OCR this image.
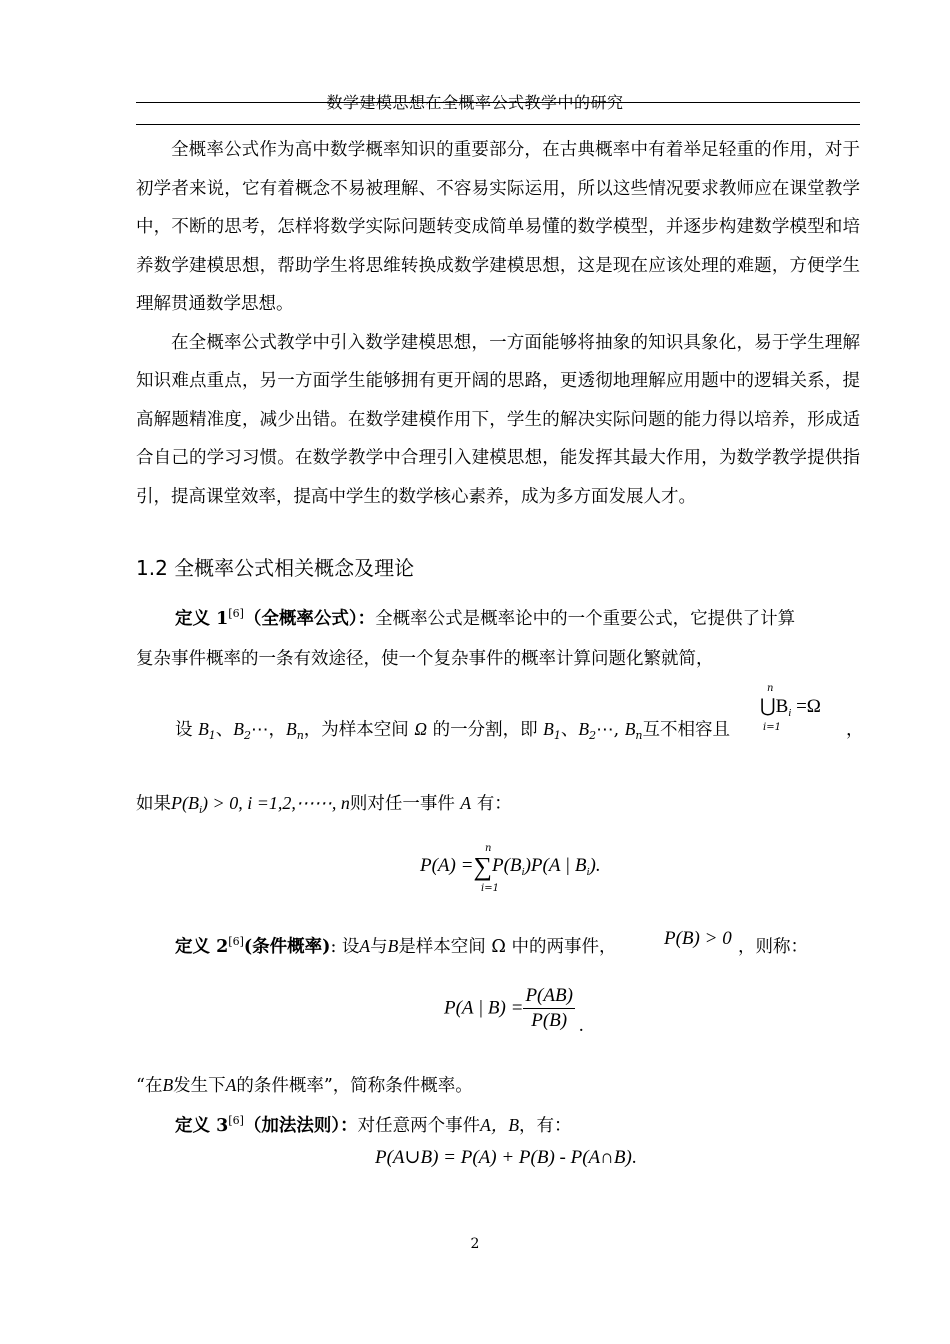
数学建模思想在全概率公式教学中的研究

全概率公式作为高中数学概率知识的重要部分，在古典概率中有着举足轻重的作用，对于初学者来说，它有着概念不易被理解、不容易实际运用，所以这些情况要求教师应在课堂教学中，不断的思考，怎样将数学实际问题转变成简单易懂的数学模型，并逐步构建数学模型和培养数学建模思想，帮助学生将思维转换成数学建模思想，这是现在应该处理的难题，方便学生理解贯通数学思想。

在全概率公式教学中引入数学建模思想，一方面能够将抽象的知识具象化，易于学生理解知识难点重点，另一方面学生能够拥有更开阔的思路，更透彻地理解应用题中的逻辑关系，提高解题精准度，减少出错。在数学建模作用下，学生的解决实际问题的能力得以培养，形成适合自己的学习习惯。在数学教学中合理引入建模思想，能发挥其最大作用，为数学教学提供指引，提高课堂效率，提高中学生的数学核心素养，成为多方面发展人才。

1.2 全概率公式相关概念及理论
定义 1[6]（全概率公式）：全概率公式是概率论中的一个重要公式，它提供了计算
复杂事件概率的一条有效途径，使一个复杂事件的概率计算问题化繁就简，
设 $B_1$、$B_2\cdots$，$B_n$，为样本空间 Ω 的一分割，即 $B_1$、$B_2\cdots$, $B_n$互不相容且
n
$⋃B_i =\Omega$
i=1	，
如果$P(B_i) > 0$, i =1,2,⋯⋯, n则对任一事件 A 有：
n
$P(A) =\sum P(B_i)P(A$ | $B_i$).
i=1
定义 2[6](条件概率): 设A与B是样本空间 Ω 中的两事件，	P(B) > 0 ，则称：
P(A | $B) = \frac{P(AB)}{P(B)}$ .
“在B发生下A的条件概率”，简称条件概率。
定义 3[6]（加法法则）：对任意两个事件A，B，有：
P(A∪B) = P(A) + P(B) - P(A∩B).
2
